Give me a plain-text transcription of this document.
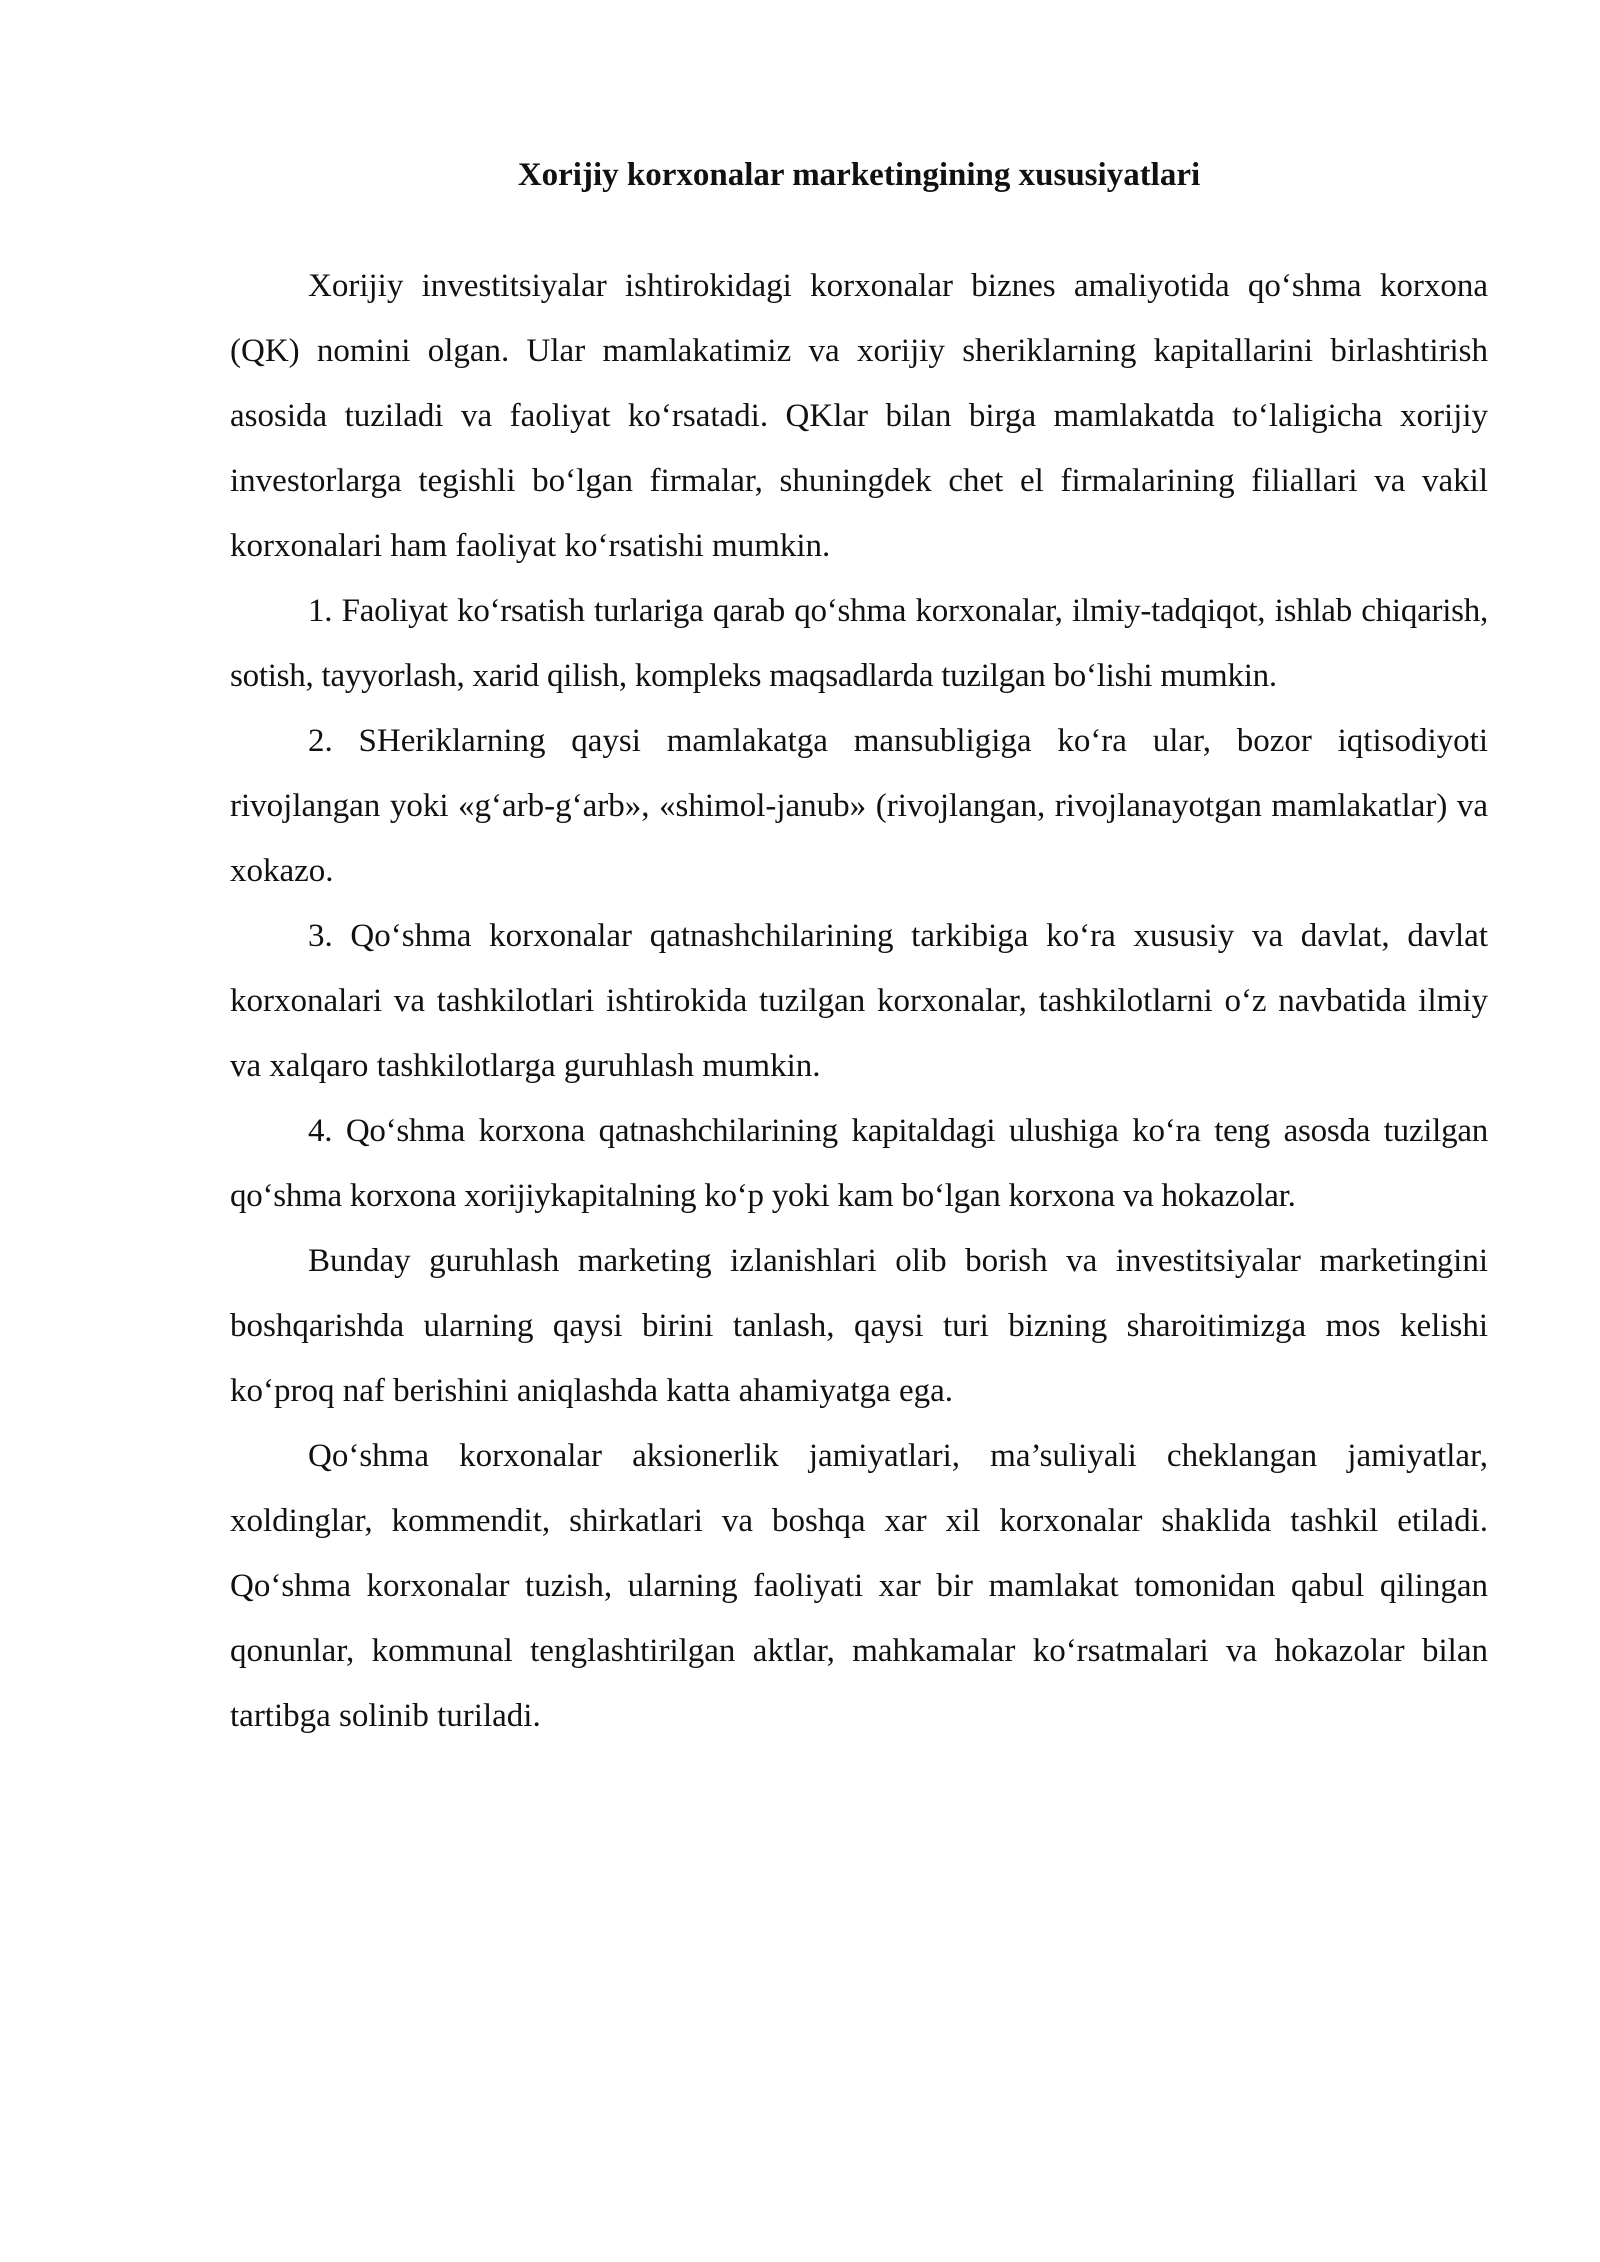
Xorijiy korxonalar marketingining xususiyatlari

Xorijiy investitsiyalar ishtirokidagi korxonalar biznes amaliyotida qo‘shma korxona (QK) nomini olgan. Ular mamlakatimiz va xorijiy sheriklarning kapitallarini birlashtirish asosida tuziladi va faoliyat ko‘rsatadi. QKlar bilan birga mamlakatda to‘laligicha xorijiy investorlarga tegishli bo‘lgan firmalar, shuningdek chet el firmalarining filiallari va vakil korxonalari ham faoliyat ko‘rsatishi mumkin.

1. Faoliyat ko‘rsatish turlariga qarab qo‘shma korxonalar, ilmiy-tadqiqot, ishlab chiqarish, sotish, tayyorlash, xarid qilish, kompleks maqsadlarda tuzilgan bo‘lishi mumkin.

2. SHeriklarning qaysi mamlakatga mansubligiga ko‘ra ular, bozor iqtisodiyoti rivojlangan yoki «g‘arb-g‘arb», «shimol-janub» (rivojlangan, rivojlanayotgan mamlakatlar) va xokazo.

3. Qo‘shma korxonalar qatnashchilarining tarkibiga ko‘ra xususiy va davlat, davlat korxonalari va tashkilotlari ishtirokida tuzilgan korxonalar, tashkilotlarni o‘z navbatida ilmiy va xalqaro tashkilotlarga guruhlash mumkin.

4. Qo‘shma korxona qatnashchilarining kapitaldagi ulushiga ko‘ra teng asosda tuzilgan qo‘shma korxona xorijiykapitalning ko‘p yoki kam bo‘lgan korxona va hokazolar.

Bunday guruhlash marketing izlanishlari olib borish va investitsiyalar marketingini boshqarishda ularning qaysi birini tanlash, qaysi turi bizning sharoitimizga mos kelishi ko‘proq naf berishini aniqlashda katta ahamiyatga ega.

Qo‘shma korxonalar aksionerlik jamiyatlari, ma’suliyali cheklangan jamiyatlar, xoldinglar, kommendit, shirkatlari va boshqa xar xil korxonalar shaklida tashkil etiladi. Qo‘shma korxonalar tuzish, ularning faoliyati xar bir mamlakat tomonidan qabul qilingan qonunlar, kommunal tenglashtirilgan aktlar, mahkamalar ko‘rsatmalari va hokazolar bilan tartibga solinib turiladi.
